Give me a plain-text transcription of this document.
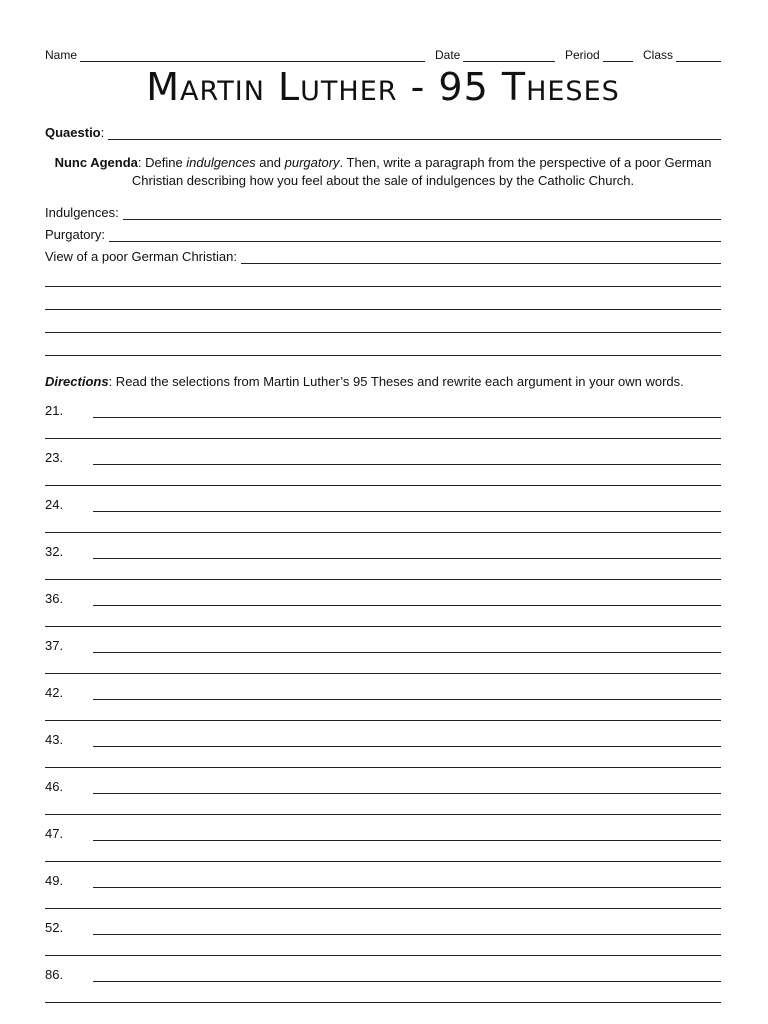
Name	Date	Period	Class
Martin Luther - 95 Theses
Quaestio :
Nunc Agenda: Define indulgences and purgatory. Then, write a paragraph from the perspective of a poor German Christian describing how you feel about the sale of indulgences by the Catholic Church.
Indulgences:
Purgatory:
View of a poor German Christian:
Directions: Read the selections from Martin Luther’s 95 Theses and rewrite each argument in your own words.
21.
23.
24.
32.
36.
37.
42.
43.
46.
47.
49.
52.
86.
